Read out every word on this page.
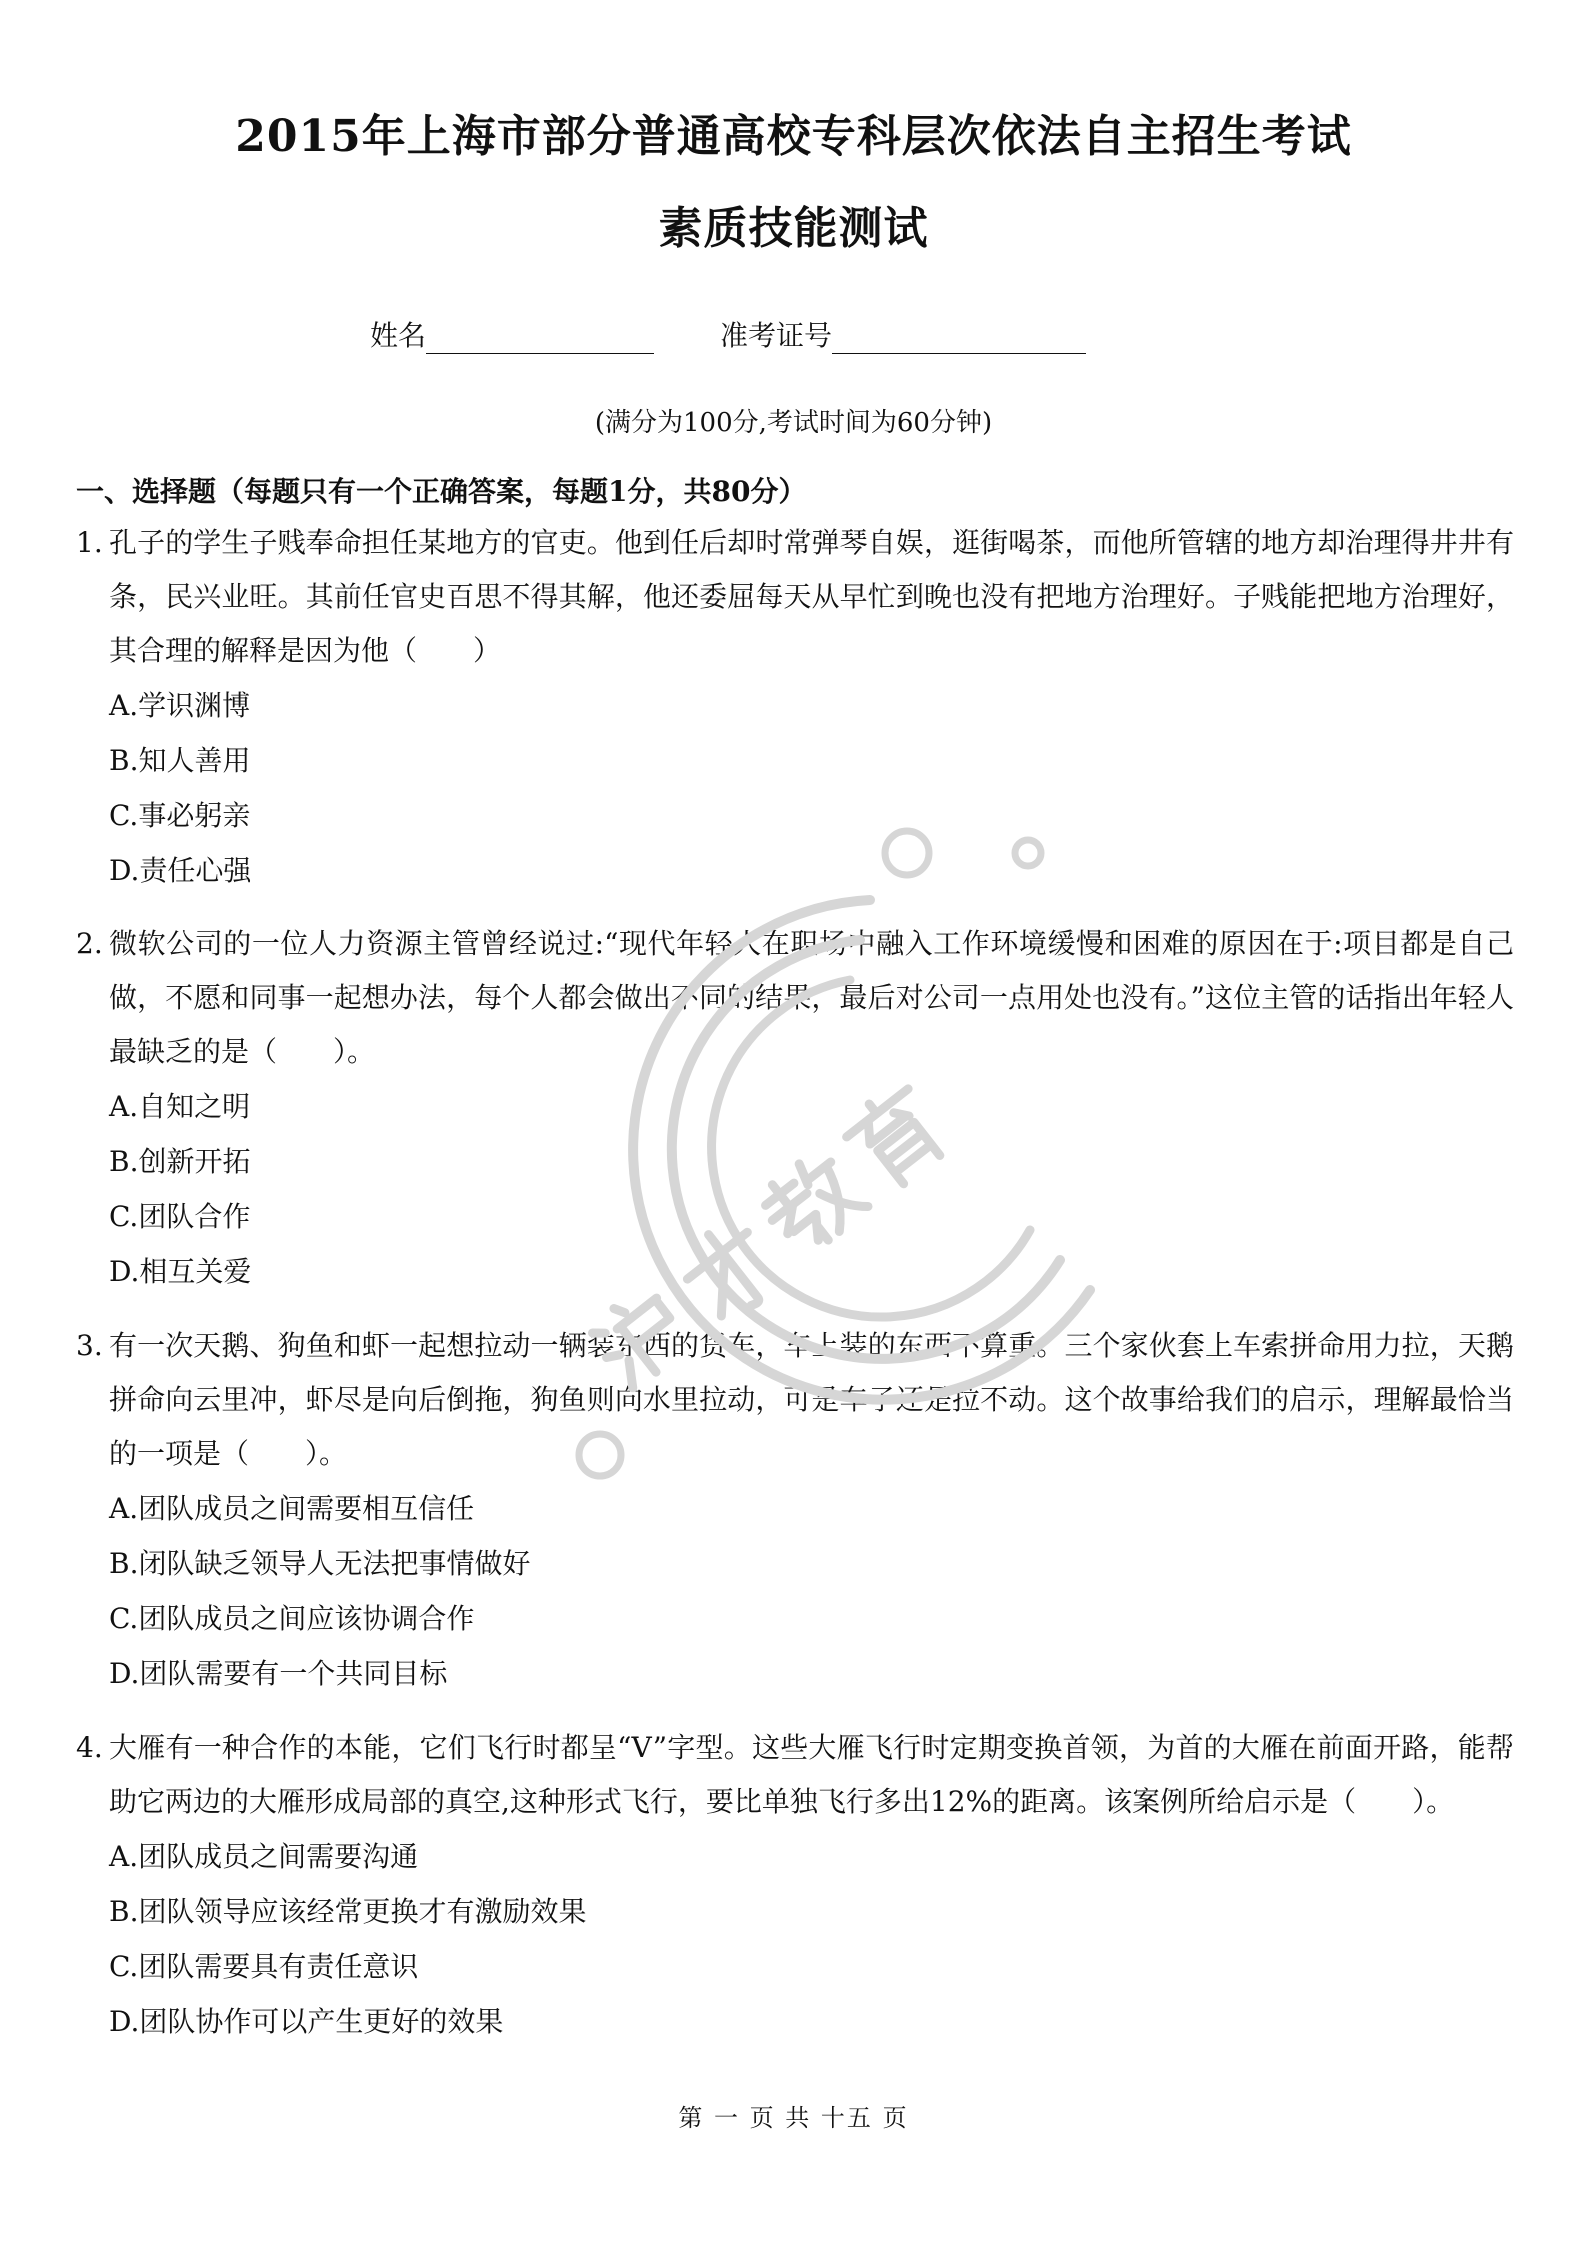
2015年上海市部分普通高校专科层次依法自主招生考试
素质技能测试
姓名	准考证号
(满分为100分,考试时间为60分钟)
一、选择题（每题只有一个正确答案，每题1分，共80分）
1. 孔子的学生子贱奉命担任某地方的官吏。他到任后却时常弹琴自娱，逛街喝茶，而他所管辖的地方却治理得井井有条，民兴业旺。其前任官史百思不得其解，他还委屈每天从早忙到晚也没有把地方治理好。子贱能把地方治理好，其合理的解释是因为他（　　）
A.学识渊博
B.知人善用
C.事必躬亲
D.责任心强
2. 微软公司的一位人力资源主管曾经说过:“现代年轻人在职场中融入工作环境缓慢和困难的原因在于:项目都是自己做，不愿和同事一起想办法，每个人都会做出不同的结果，最后对公司一点用处也没有。”这位主管的话指出年轻人最缺乏的是（　　）。
A.自知之明
B.创新开拓
C.团队合作
D.相互关爱
3. 有一次天鹅、狗鱼和虾一起想拉动一辆装东西的货车，车上装的东西不算重。三个家伙套上车索拼命用力拉，天鹅拼命向云里冲，虾尽是向后倒拖，狗鱼则向水里拉动，可是车子还是拉不动。这个故事给我们的启示，理解最恰当的一项是（　　）。
A.团队成员之间需要相互信任
B.闭队缺乏领导人无法把事情做好
C.团队成员之间应该协调合作
D.团队需要有一个共同目标
4. 大雁有一种合作的本能，它们飞行时都呈“V”字型。这些大雁飞行时定期变换首领，为首的大雁在前面开路，能帮助它两边的大雁形成局部的真空,这种形式飞行，要比单独飞行多出12%的距离。该案例所给启示是（　　）。
A.团队成员之间需要沟通
B.团队领导应该经常更换才有激励效果
C.团队需要具有责任意识
D.团队协作可以产生更好的效果
第 一 页 共 十五 页
